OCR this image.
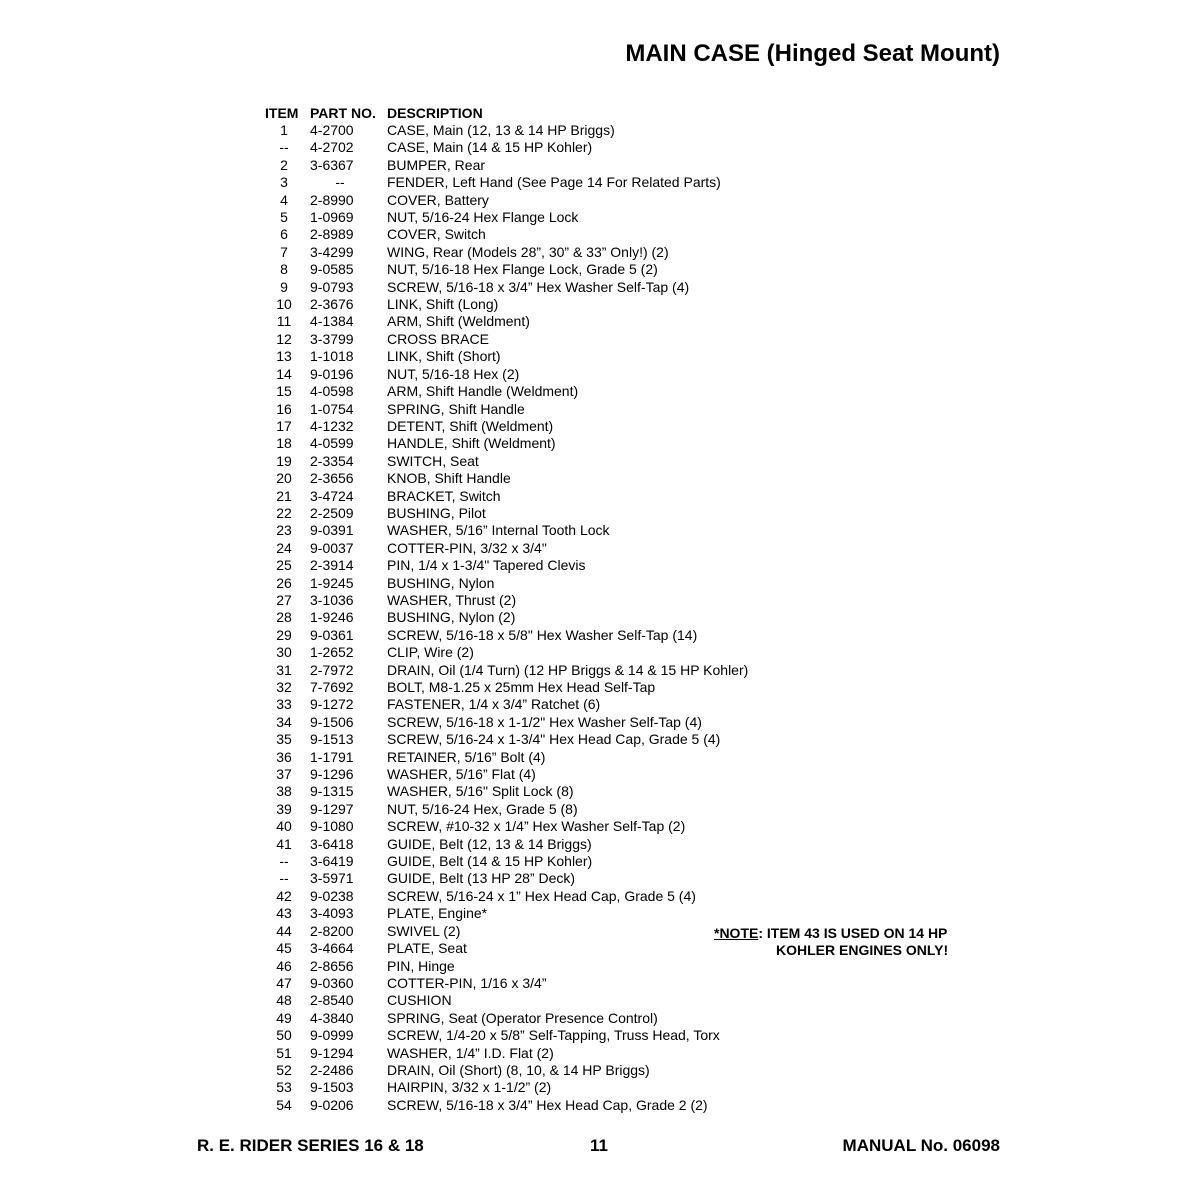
MAIN CASE (Hinged Seat Mount)
ITEM PART NO. DESCRIPTION
1	4-2700	CASE, Main (12, 13 & 14 HP Briggs)
--	4-2702	CASE, Main (14 & 15 HP Kohler)
2	3-6367	BUMPER, Rear
3	--	FENDER, Left Hand (See Page 14 For Related Parts)
4	2-8990	COVER, Battery
5	1-0969	NUT, 5/16-24 Hex Flange Lock
6	2-8989	COVER, Switch
7	3-4299	WING, Rear (Models 28”, 30” & 33” Only!) (2)
8	9-0585	NUT, 5/16-18 Hex Flange Lock, Grade 5 (2)
9	9-0793	SCREW, 5/16-18 x 3/4” Hex Washer Self-Tap (4)
10	2-3676	LINK, Shift (Long)
11	4-1384	ARM, Shift (Weldment)
12	3-3799	CROSS BRACE
13	1-1018	LINK, Shift (Short)
14	9-0196	NUT, 5/16-18 Hex (2)
15	4-0598	ARM, Shift Handle (Weldment)
16	1-0754	SPRING, Shift Handle
17	4-1232	DETENT, Shift (Weldment)
18	4-0599	HANDLE, Shift (Weldment)
19	2-3354	SWITCH, Seat
20	2-3656	KNOB, Shift Handle
21	3-4724	BRACKET, Switch
22	2-2509	BUSHING, Pilot
23	9-0391	WASHER, 5/16” Internal Tooth Lock
24	9-0037	COTTER-PIN, 3/32 x 3/4"
25	2-3914	PIN, 1/4 x 1-3/4" Tapered Clevis
26	1-9245	BUSHING, Nylon
27	3-1036	WASHER, Thrust (2)
28	1-9246	BUSHING, Nylon (2)
29	9-0361	SCREW, 5/16-18 x 5/8" Hex Washer Self-Tap (14)
30	1-2652	CLIP, Wire (2)
31	2-7972	DRAIN, Oil (1/4 Turn) (12 HP Briggs & 14 & 15 HP Kohler)
32	7-7692	BOLT, M8-1.25 x 25mm Hex Head Self-Tap
33	9-1272	FASTENER, 1/4 x 3/4” Ratchet (6)
34	9-1506	SCREW, 5/16-18 x 1-1/2" Hex Washer Self-Tap (4)
35	9-1513	SCREW, 5/16-24 x 1-3/4" Hex Head Cap, Grade 5 (4)
36	1-1791	RETAINER, 5/16” Bolt (4)
37	9-1296	WASHER, 5/16” Flat (4)
38	9-1315	WASHER, 5/16" Split Lock (8)
39	9-1297	NUT, 5/16-24 Hex, Grade 5 (8)
40	9-1080	SCREW, #10-32 x 1/4” Hex Washer Self-Tap (2)
41	3-6418	GUIDE, Belt (12, 13 & 14 Briggs)
--	3-6419	GUIDE, Belt (14 & 15 HP Kohler)
--	3-5971	GUIDE, Belt (13 HP 28” Deck)
42	9-0238	SCREW, 5/16-24 x 1” Hex Head Cap, Grade 5 (4)
43	3-4093	PLATE, Engine*
44	2-8200	SWIVEL (2)
45	3-4664	PLATE, Seat
46	2-8656	PIN, Hinge
47	9-0360	COTTER-PIN, 1/16 x 3/4”
48	2-8540	CUSHION
49	4-3840	SPRING, Seat (Operator Presence Control)
50	9-0999	SCREW, 1/4-20 x 5/8” Self-Tapping, Truss Head, Torx
51	9-1294	WASHER, 1/4” I.D. Flat (2)
52	2-2486	DRAIN, Oil (Short) (8, 10, & 14 HP Briggs)
53	9-1503	HAIRPIN, 3/32 x 1-1/2” (2)
54	9-0206	SCREW, 5/16-18 x 3/4” Hex Head Cap, Grade 2 (2)
*NOTE: ITEM 43 IS USED ON 14 HP
KOHLER ENGINES ONLY!
R. E. RIDER SERIES 16 & 18	11	MANUAL No. 06098
